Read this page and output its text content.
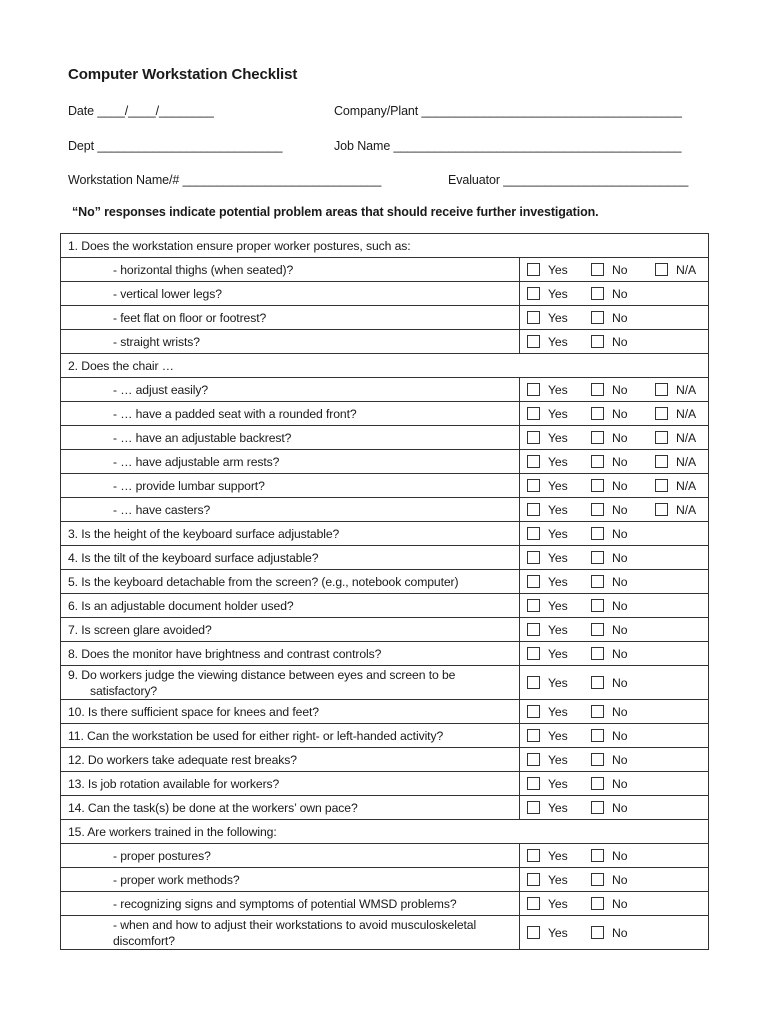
Computer Workstation Checklist
Date ____/____/________	Company/Plant ______________________________________
Dept ___________________________	Job Name __________________________________________
Workstation Name/# _____________________________	Evaluator ___________________________
“No” responses indicate potential problem areas that should receive further investigation.
1. Does the workstation ensure proper worker postures, such as:	
- horizontal thighs (when seated)?	Yes No N/A

- vertical lower legs?	Yes No

- feet flat on floor or footrest?	Yes No

- straight wrists?	Yes No

2. Does the chair …	
- … adjust easily?	Yes No N/A

- … have a padded seat with a rounded front?	Yes No N/A

- … have an adjustable backrest?	Yes No N/A

- … have adjustable arm rests?	Yes No N/A

- … provide lumbar support?	Yes No N/A

- … have casters?	Yes No N/A

3. Is the height of the keyboard surface adjustable?	Yes No

4. Is the tilt of the keyboard surface adjustable?	Yes No

5. Is the keyboard detachable from the screen? (e.g., notebook computer)	Yes No

6. Is an adjustable document holder used?	Yes No

7. Is screen glare avoided?	Yes No

8. Does the monitor have brightness and contrast controls?	Yes No

9. Do workers judge the viewing distance between eyes and screen to be
satisfactory?	Yes No

10. Is there sufficient space for knees and feet?	Yes No

11. Can the workstation be used for either right- or left-handed activity?	Yes No

12. Do workers take adequate rest breaks?	Yes No

13. Is job rotation available for workers?	Yes No

14. Can the task(s) be done at the workers’ own pace?	Yes No

15. Are workers trained in the following:	
- proper postures?	Yes No

- proper work methods?	Yes No

- recognizing signs and symptoms of potential WMSD problems?	Yes No

- when and how to adjust their workstations to avoid musculoskeletal
discomfort?	Yes No
